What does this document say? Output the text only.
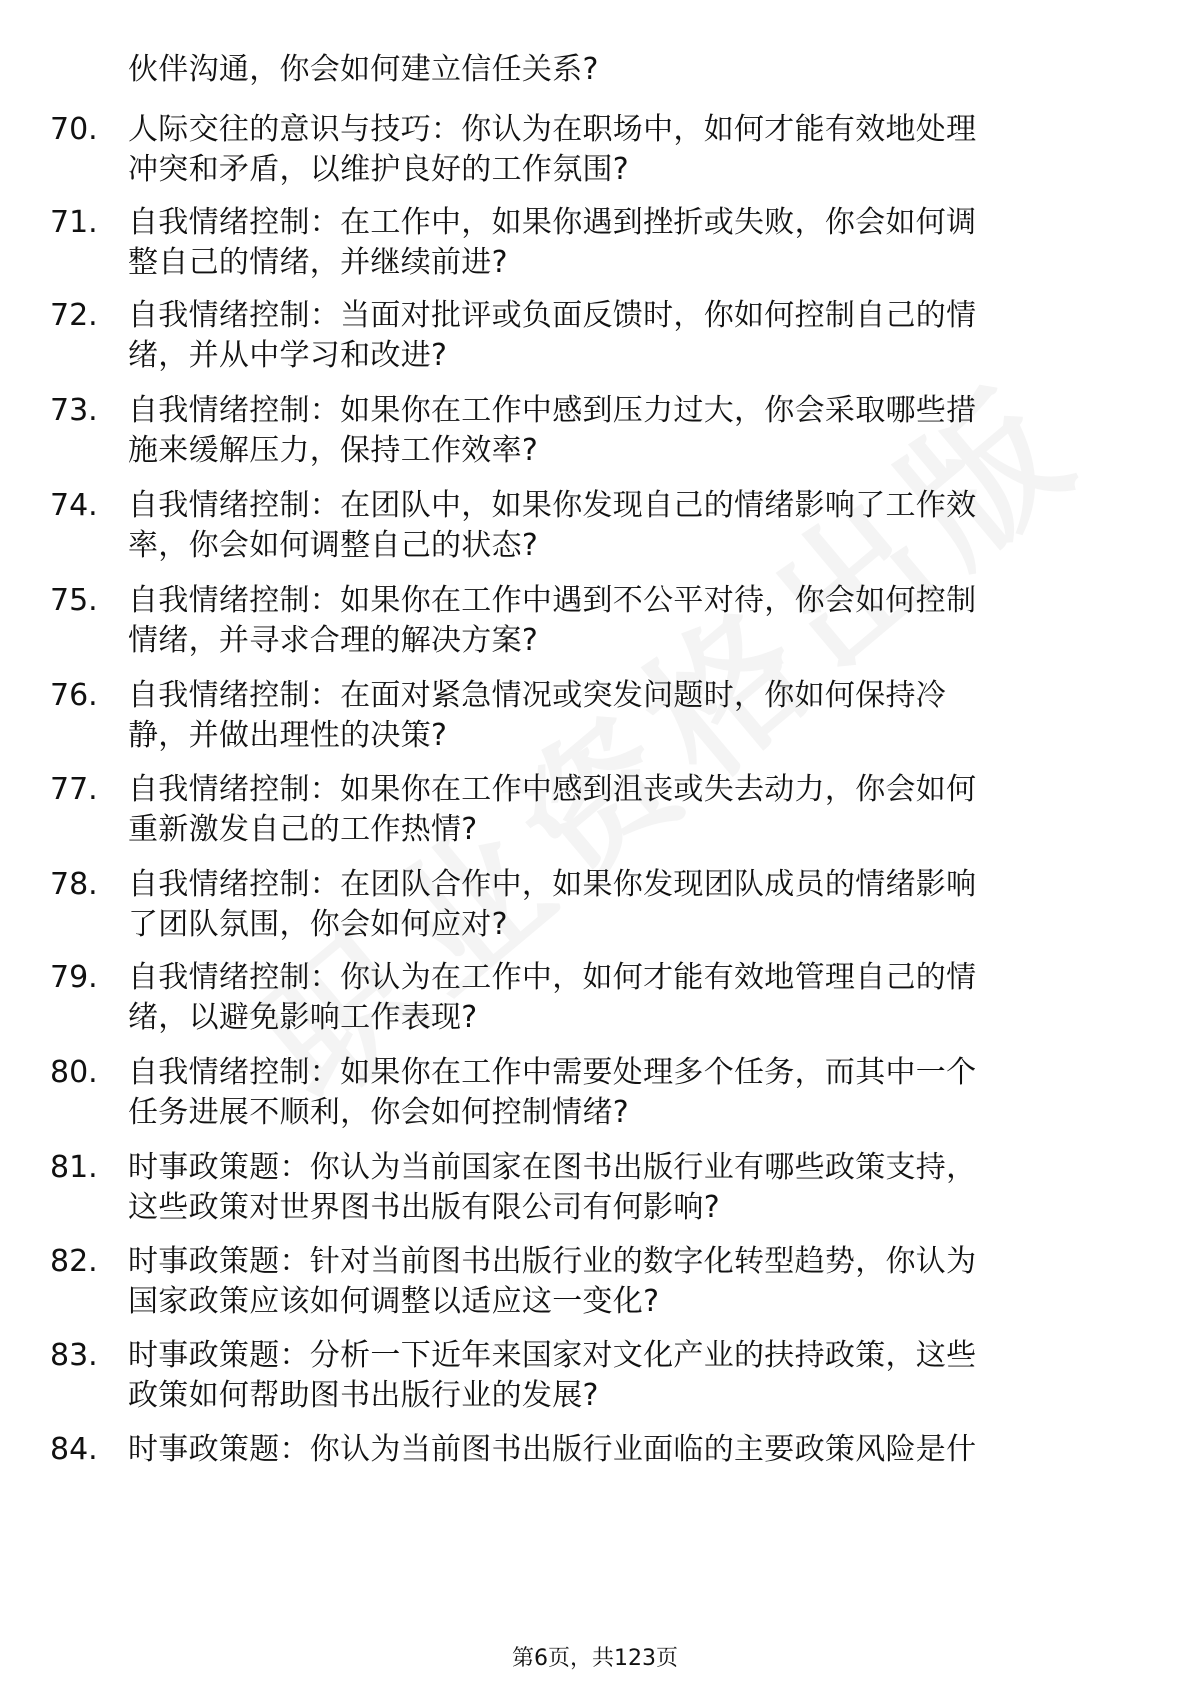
伙伴沟通，你会如何建立信任关系?
70.	人际交往的意识与技巧：你认为在职场中，如何才能有效地处理
冲突和矛盾，以维护良好的工作氛围?
71.	自我情绪控制：在工作中，如果你遇到挫折或失败，你会如何调
整自己的情绪，并继续前进?
72.	自我情绪控制：当面对批评或负面反馈时，你如何控制自己的情
绪，并从中学习和改进?
73.	自我情绪控制：如果你在工作中感到压力过大，你会采取哪些措
施来缓解压力，保持工作效率?
74.	自我情绪控制：在团队中，如果你发现自己的情绪影响了工作效
率，你会如何调整自己的状态?
75.	自我情绪控制：如果你在工作中遇到不公平对待，你会如何控制
情绪，并寻求合理的解决方案?
76.	自我情绪控制：在面对紧急情况或突发问题时，你如何保持冷
静，并做出理性的决策?
77.	自我情绪控制：如果你在工作中感到沮丧或失去动力，你会如何
重新激发自己的工作热情?
78.	自我情绪控制：在团队合作中，如果你发现团队成员的情绪影响
了团队氛围，你会如何应对?
79.	自我情绪控制：你认为在工作中，如何才能有效地管理自己的情
绪，以避免影响工作表现?
80.	自我情绪控制：如果你在工作中需要处理多个任务，而其中一个
任务进展不顺利，你会如何控制情绪?
81.	时事政策题：你认为当前国家在图书出版行业有哪些政策支持，
这些政策对世界图书出版有限公司有何影响?
82.	时事政策题：针对当前图书出版行业的数字化转型趋势，你认为
国家政策应该如何调整以适应这一变化?
83.	时事政策题：分析一下近年来国家对文化产业的扶持政策，这些
政策如何帮助图书出版行业的发展?
84.	时事政策题：你认为当前图书出版行业面临的主要政策风险是什
第6页，共123页
